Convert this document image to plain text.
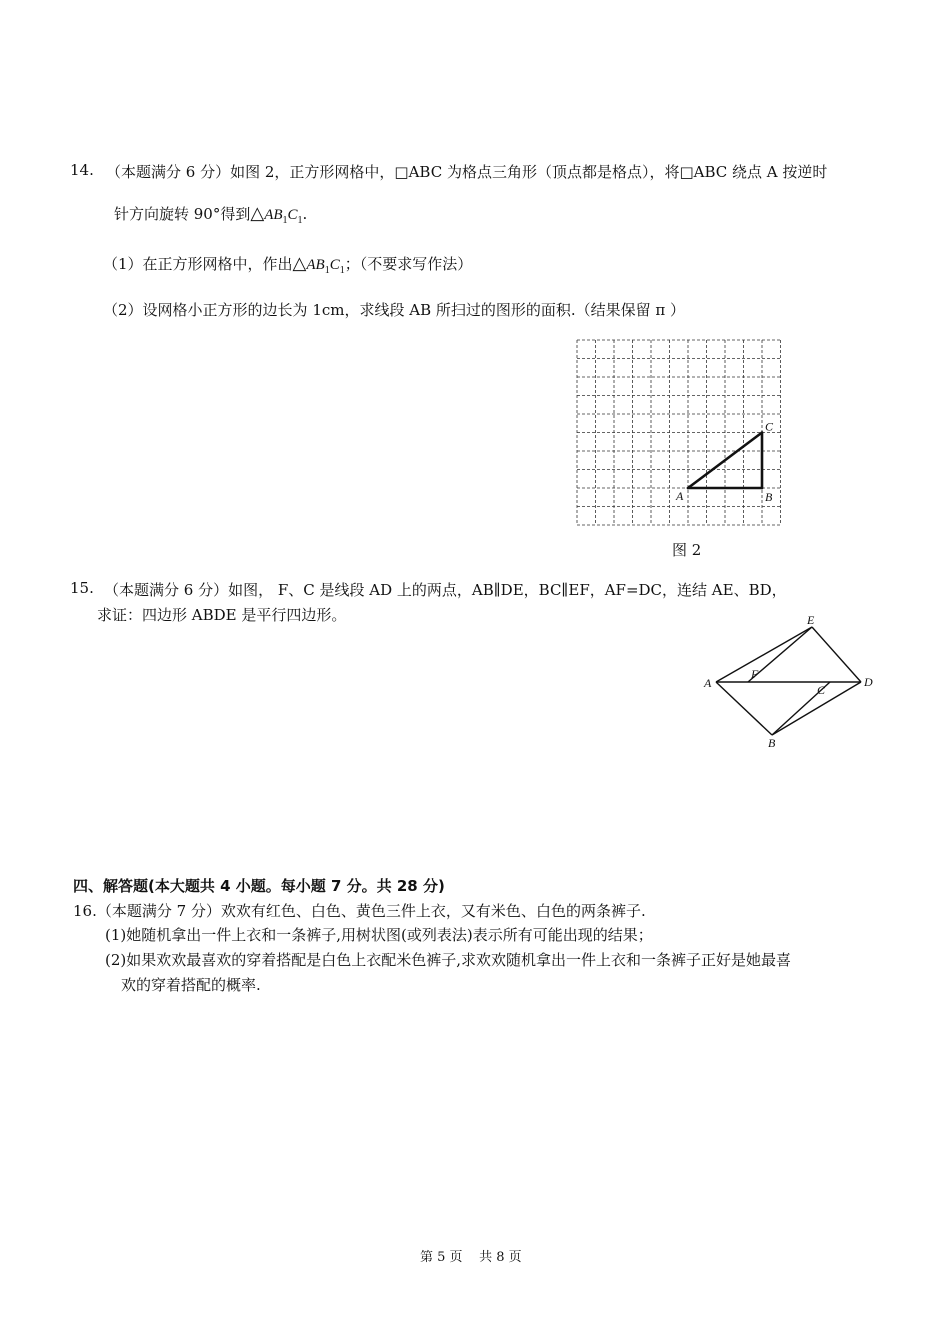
14. （本题满分 6 分）如图 2，正方形网格中，□ABC 为格点三角形（顶点都是格点），将□ABC 绕点 A 按逆时
针方向旋转 90°得到$\triangle AB_1C_1$.
（1）在正方形网格中，作出$\triangle AB_1C_1$；（不要求写作法）
（2）设网格小正方形的边长为 1cm，求线段 AB 所扫过的图形的面积.（结果保留 π ）
A	B
C
图 2
15. （本题满分 6 分）如图， F、C 是线段 AD 上的两点，AB∥DE，BC∥EF，AF=DC，连结 AE、BD，
求证：四边形 ABDE 是平行四边形。
A
B
C
D
E
F
四、解答题(本大题共 4 小题。每小题 7 分。共 28 分)
16.（本题满分 7 分）欢欢有红色、白色、黄色三件上衣，又有米色、白色的两条裤子.
(1)她随机拿出一件上衣和一条裤子,用树状图(或列表法)表示所有可能出现的结果；
(2)如果欢欢最喜欢的穿着搭配是白色上衣配米色裤子,求欢欢随机拿出一件上衣和一条裤子正好是她最喜
欢的穿着搭配的概率.
第 5 页 共 8 页
